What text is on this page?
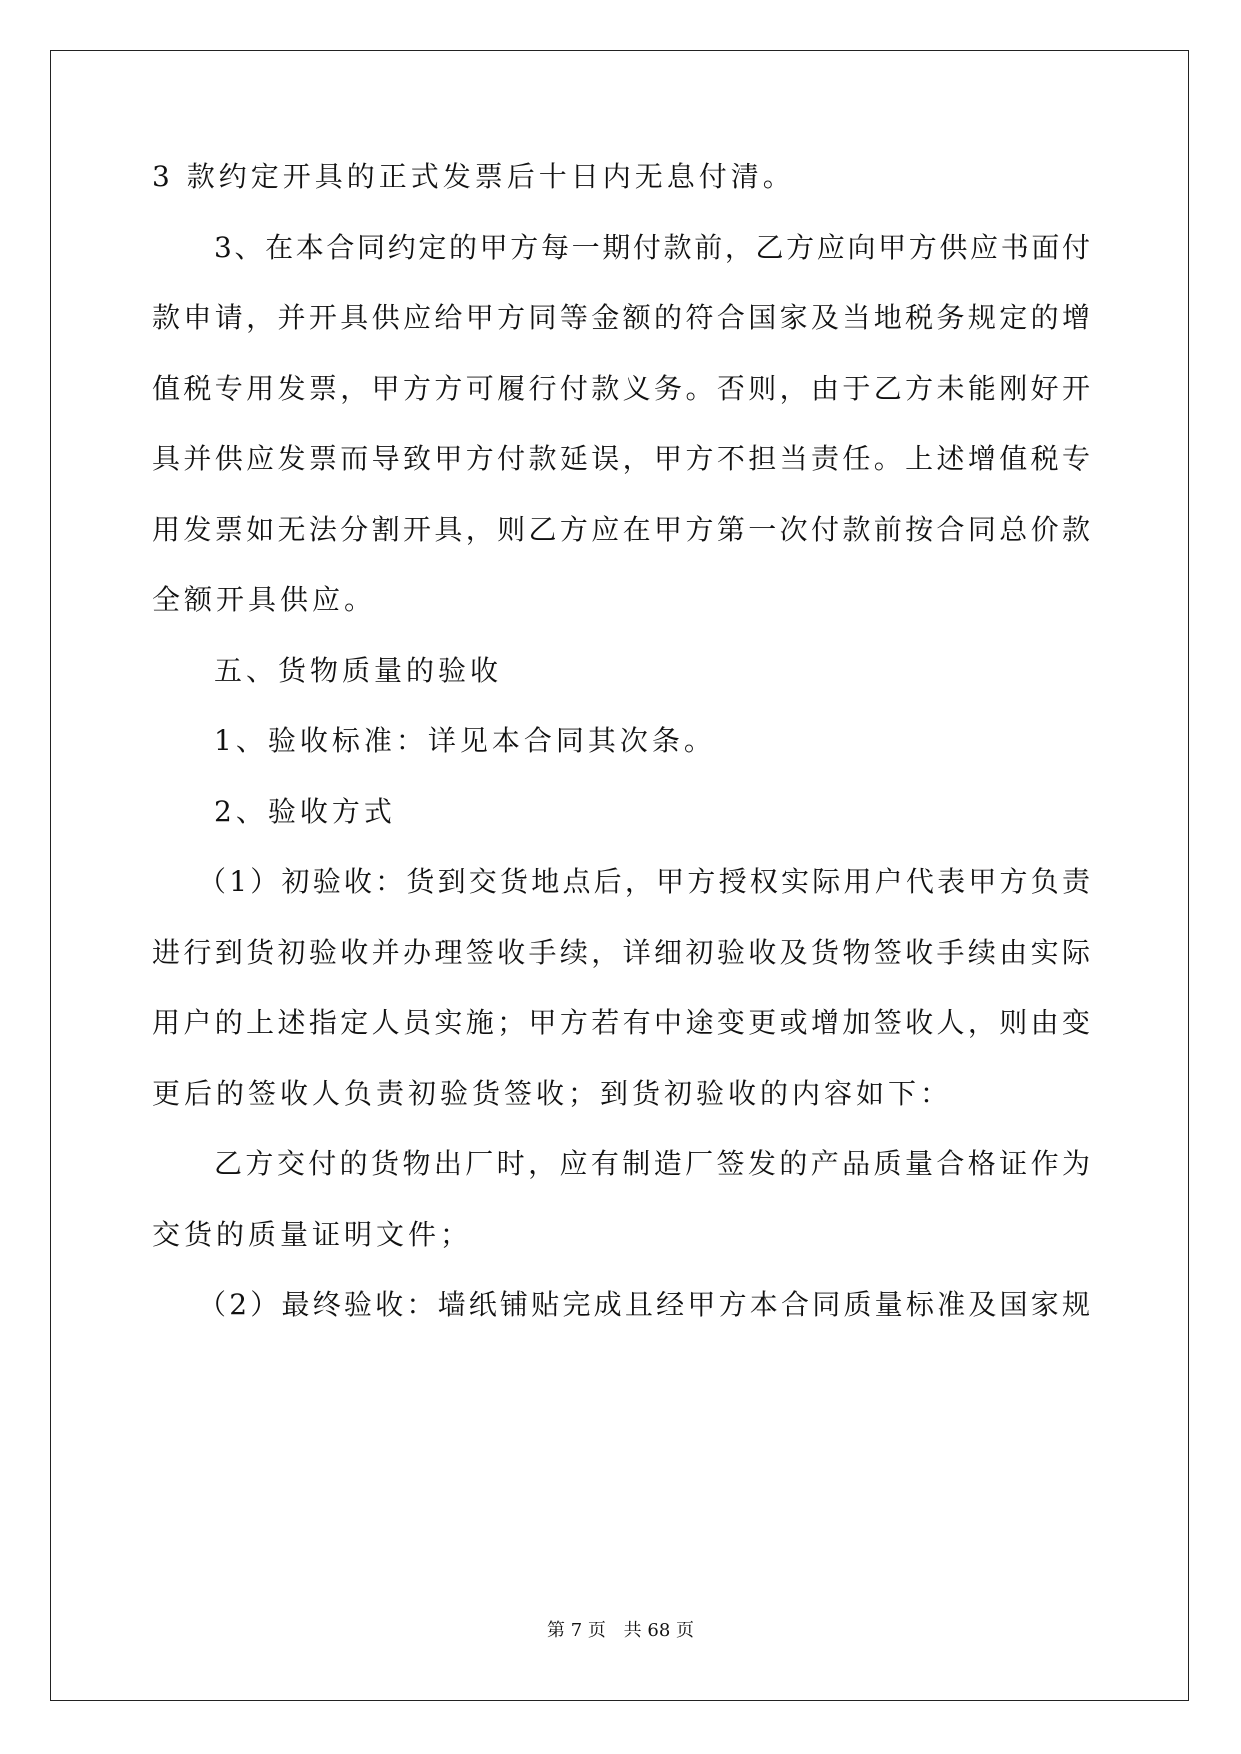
3 款约定开具的正式发票后十日内无息付清。
3、在本合同约定的甲方每一期付款前，乙方应向甲方供应书面付
款申请，并开具供应给甲方同等金额的符合国家及当地税务规定的增
值税专用发票，甲方方可履行付款义务。否则，由于乙方未能刚好开
具并供应发票而导致甲方付款延误，甲方不担当责任。上述增值税专
用发票如无法分割开具，则乙方应在甲方第一次付款前按合同总价款
全额开具供应。
五、货物质量的验收
1、验收标准：详见本合同其次条。
2、验收方式
（1）初验收：货到交货地点后，甲方授权实际用户代表甲方负责
进行到货初验收并办理签收手续，详细初验收及货物签收手续由实际
用户的上述指定人员实施；甲方若有中途变更或增加签收人，则由变
更后的签收人负责初验货签收；到货初验收的内容如下：
乙方交付的货物出厂时，应有制造厂签发的产品质量合格证作为
交货的质量证明文件；
（2）最终验收：墙纸铺贴完成且经甲方本合同质量标准及国家规
第 7 页 共 68 页
